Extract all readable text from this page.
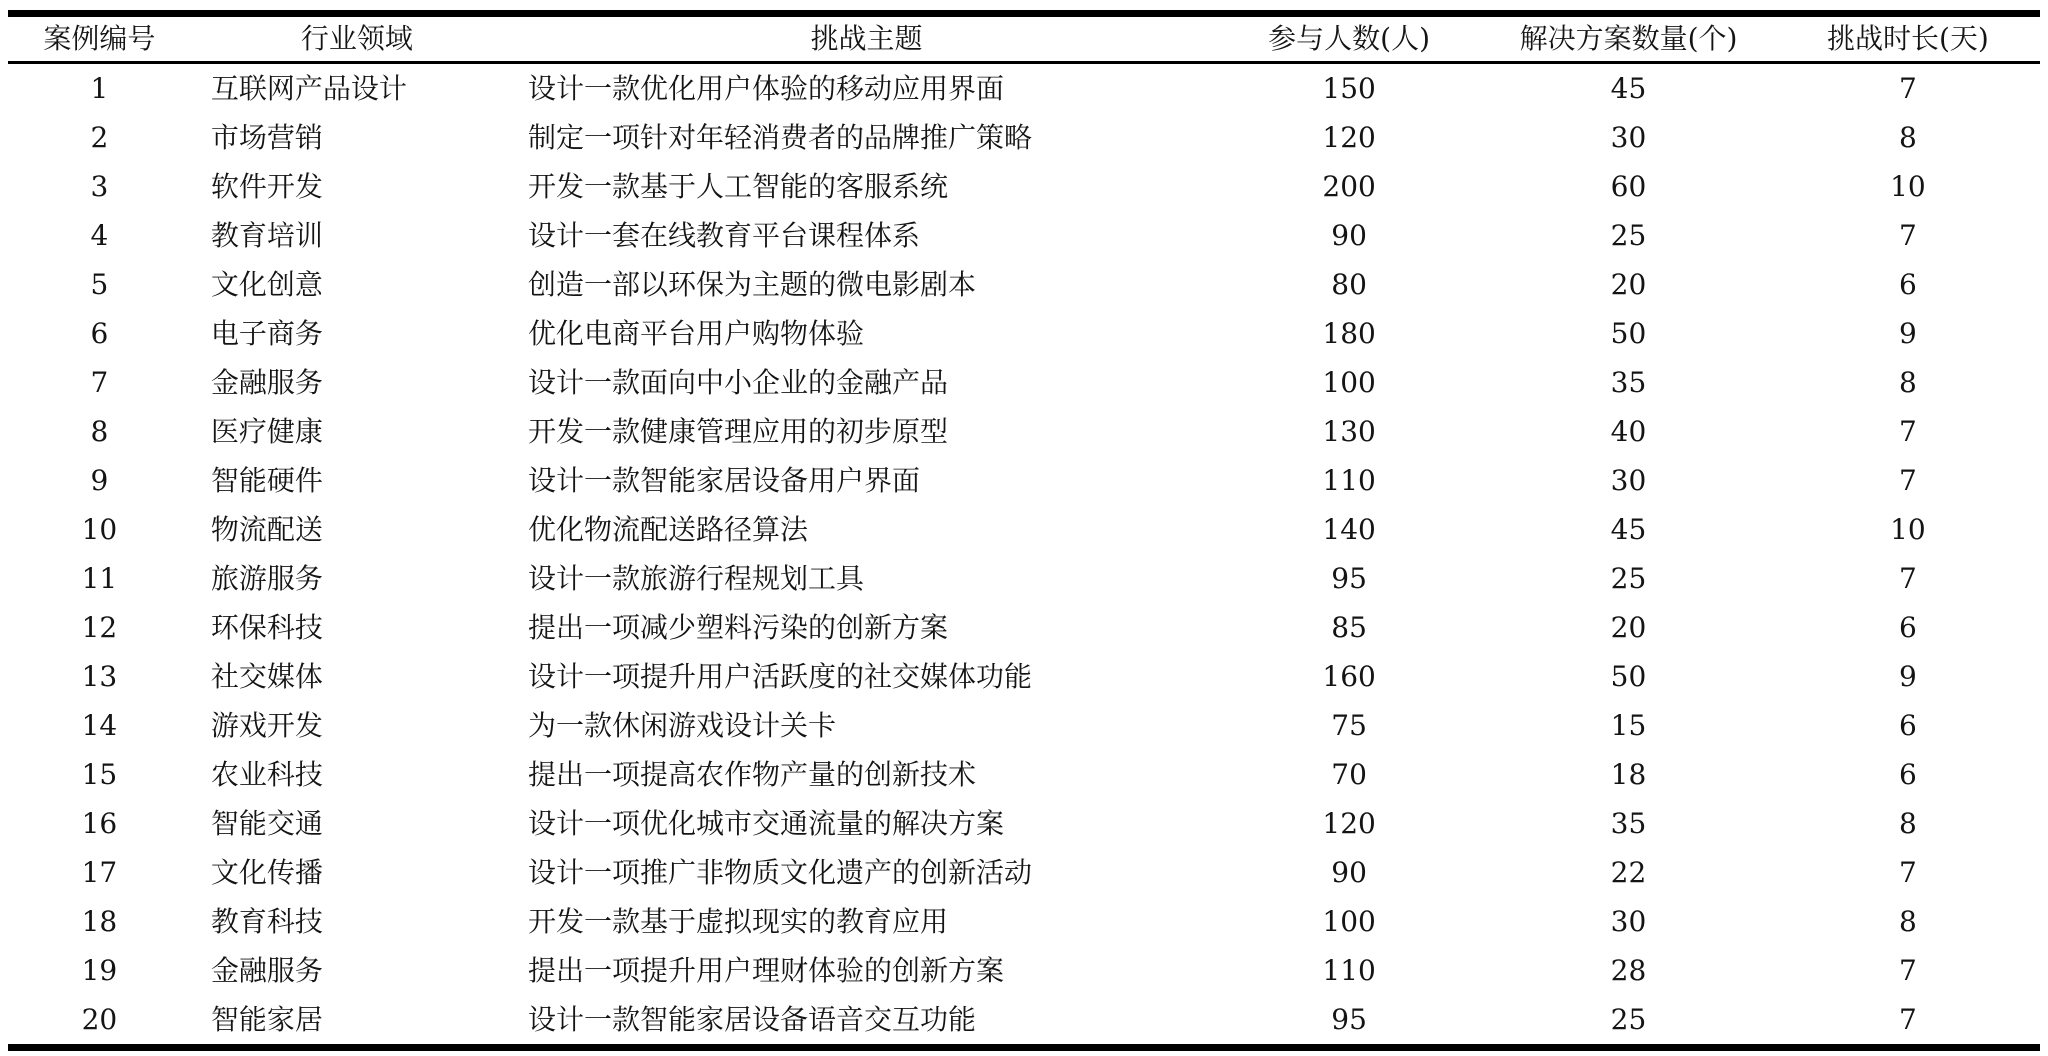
案例编号	行业领域	挑战主题	参与人数(人)	解决方案数量(个)	挑战时长(天)
1	互联网产品设计	设计一款优化用户体验的移动应用界面	150	45	7
2	市场营销	制定一项针对年轻消费者的品牌推广策略	120	30	8
3	软件开发	开发一款基于人工智能的客服系统	200	60	10
4	教育培训	设计一套在线教育平台课程体系	90	25	7
5	文化创意	创造一部以环保为主题的微电影剧本	80	20	6
6	电子商务	优化电商平台用户购物体验	180	50	9
7	金融服务	设计一款面向中小企业的金融产品	100	35	8
8	医疗健康	开发一款健康管理应用的初步原型	130	40	7
9	智能硬件	设计一款智能家居设备用户界面	110	30	7
10	物流配送	优化物流配送路径算法	140	45	10
11	旅游服务	设计一款旅游行程规划工具	95	25	7
12	环保科技	提出一项减少塑料污染的创新方案	85	20	6
13	社交媒体	设计一项提升用户活跃度的社交媒体功能	160	50	9
14	游戏开发	为一款休闲游戏设计关卡	75	15	6
15	农业科技	提出一项提高农作物产量的创新技术	70	18	6
16	智能交通	设计一项优化城市交通流量的解决方案	120	35	8
17	文化传播	设计一项推广非物质文化遗产的创新活动	90	22	7
18	教育科技	开发一款基于虚拟现实的教育应用	100	30	8
19	金融服务	提出一项提升用户理财体验的创新方案	110	28	7
20	智能家居	设计一款智能家居设备语音交互功能	95	25	7
